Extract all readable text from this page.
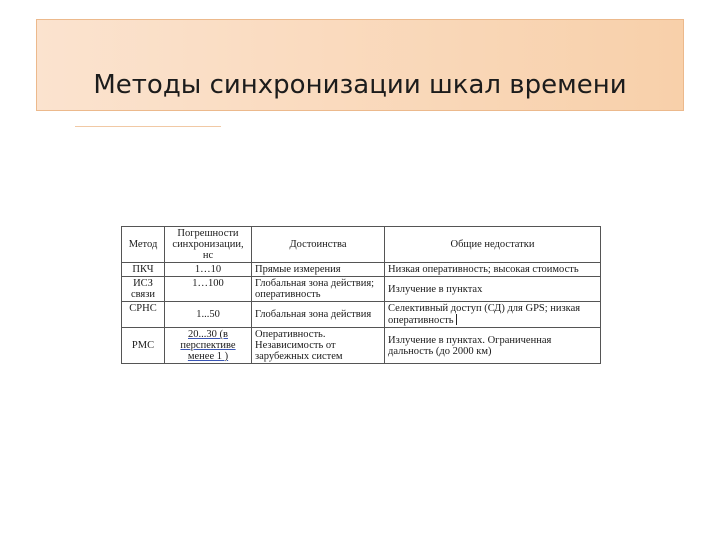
Методы синхронизации шкал времени
Метод	Погрешности синхронизации, нс	Достоинства	Общие недостатки
ПКЧ	1…10	Прямые измерения	Низкая оперативность; высокая стоимость
ИСЗ связи	1…100	Глобальная зона действия; оперативность	Излучение в пунктах
СРНС	1...50	Глобальная зона действия	Селективный доступ (СД) для GPS; низкая оперативность
РМС	20...30 (в перспективе менее 1 )	Оперативность. Независимость от зарубежных систем	Излучение в пунктах. Ограниченная дальность (до 2000 км)
